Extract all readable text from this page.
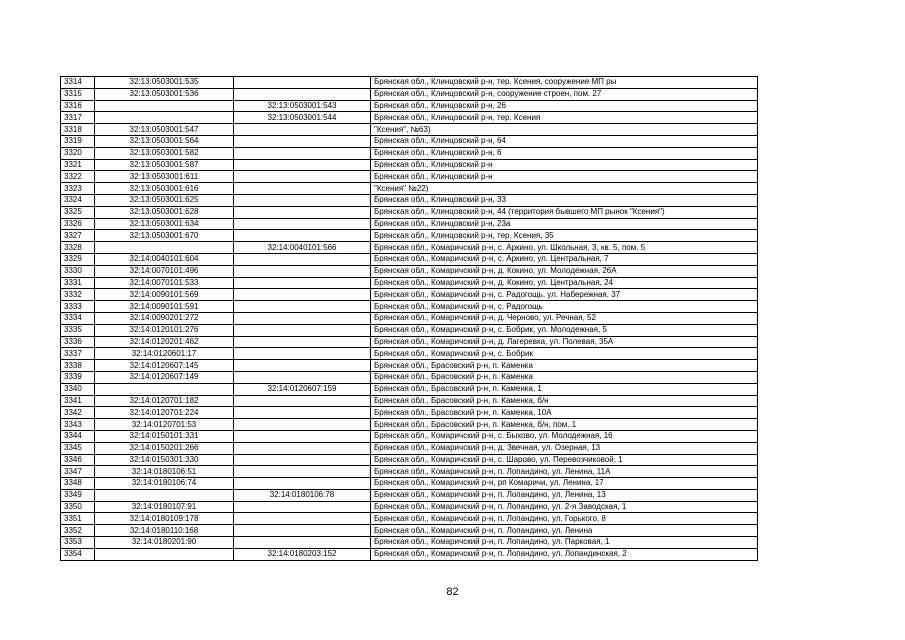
3314	32:13:0503001:535		Брянская обл., Клинцовский р-н, тер. Ксения, сооружение МП ры
3315	32:13:0503001:536		Брянская обл., Клинцовский р-н, сооружение строен, пом. 27
3316		32:13:0503001:543	Брянская обл., Клинцовский р-н, 26
3317		32:13:0503001:544	Брянская обл., Клинцовский р-н, тер. Ксения
3318	32:13:0503001:547		"Ксения", №63)
3319	32:13:0503001:564		Брянская обл., Клинцовский р-н, 64
3320	32:13:0503001:582		Брянская обл., Клинцовский р-н, 6
3321	32:13:0503001:587		Брянская обл., Клинцовский р-н
3322	32:13:0503001:611		Брянская обл., Клинцовский р-н
3323	32:13:0503001:616		"Ксения" №22)
3324	32:13:0503001:625		Брянская обл., Клинцовский р-н, 33
3325	32:13:0503001:628		Брянская обл., Клинцовский р-н, 44 (территория бывшего МП рынок "Ксения")
3326	32:13:0503001:634		Брянская обл., Клинцовский р-н, 23а
3327	32:13:0503001:670		Брянская обл., Клинцовский р-н, тер. Ксения, 35
3328		32:14:0040101:566	Брянская обл., Комаричский р-н, с. Аркино, ул. Школьная, 3, кв. 5, пом. 5
3329	32:14:0040101:604		Брянская обл., Комаричский р-н, с. Аркино, ул. Центральная, 7
3330	32:14:0070101:496		Брянская обл., Комаричский р-н, д. Кокино, ул. Молодежная, 26А
3331	32:14:0070101:533		Брянская обл., Комаричский р-н, д. Кокино, ул. Центральная, 24
3332	32:14:0090101:569		Брянская обл., Комаричский р-н, с. Радогощь, ул. Набережная, 37
3333	32:14:0090101:591		Брянская обл., Комаричский р-н, с. Радогощь
3334	32:14:0090201:272		Брянская обл., Комаричский р-н, д. Черново, ул. Речная, 52
3335	32:14:0120101:276		Брянская обл., Комаричский р-н, с. Бобрик, ул. Молодежная, 5
3336	32:14:0120201:462		Брянская обл., Комаричский р-н, д. Лагеревка, ул. Полевая, 35А
3337	32:14:0120601:17		Брянская обл., Комаричский р-н, с. Бобрик
3338	32:14:0120607:145		Брянская обл., Брасовский р-н, п. Каменка
3339	32:14:0120607:149		Брянская обл., Брасовский р-н, п. Каменка
3340		32:14:0120607:159	Брянская обл., Брасовский р-н, п. Каменка, 1
3341	32:14:0120701:182		Брянская обл., Брасовский р-н, п. Каменка, б/н
3342	32:14:0120701:224		Брянская обл., Брасовский р-н, п. Каменка, 10А
3343	32:14:0120701:53		Брянская обл., Брасовский р-н, п. Каменка, б/н, пом. 1
3344	32:14:0150101:331		Брянская обл., Комаричский р-н, с. Быхово, ул. Молодежная, 16
3345	32:14:0150201:266		Брянская обл., Комаричский р-н, д. Звечная, ул. Озерная, 13
3346	32:14:0150301:330		Брянская обл., Комаричский р-н, с. Шарово, ул. Перевозчиковой, 1
3347	32:14:0180106:51		Брянская обл., Комаричский р-н, п. Лопандино, ул. Ленина, 11А
3348	32:14:0180106:74		Брянская обл., Комаричский р-н, рп Комаричи, ул. Ленина, 17
3349		32:14:0180106:78	Брянская обл., Комаричский р-н, п. Лопандино, ул. Ленина, 13
3350	32:14:0180107:91		Брянская обл., Комаричский р-н, п. Лопандино, ул. 2-я Заводская, 1
3351	32:14:0180109:178		Брянская обл., Комаричский р-н, п. Лопандино, ул. Горького, 8
3352	32:14:0180110:168		Брянская обл., Комаричский р-н, п. Лопандино, ул. Ленина
3353	32:14:0180201:90		Брянская обл., Комаричский р-н, п. Лопандино, ул. Парковая, 1
3354		32:14:0180203:152	Брянская обл., Комаричский р-н, п. Лопандино, ул. Лопандинская, 2
82
